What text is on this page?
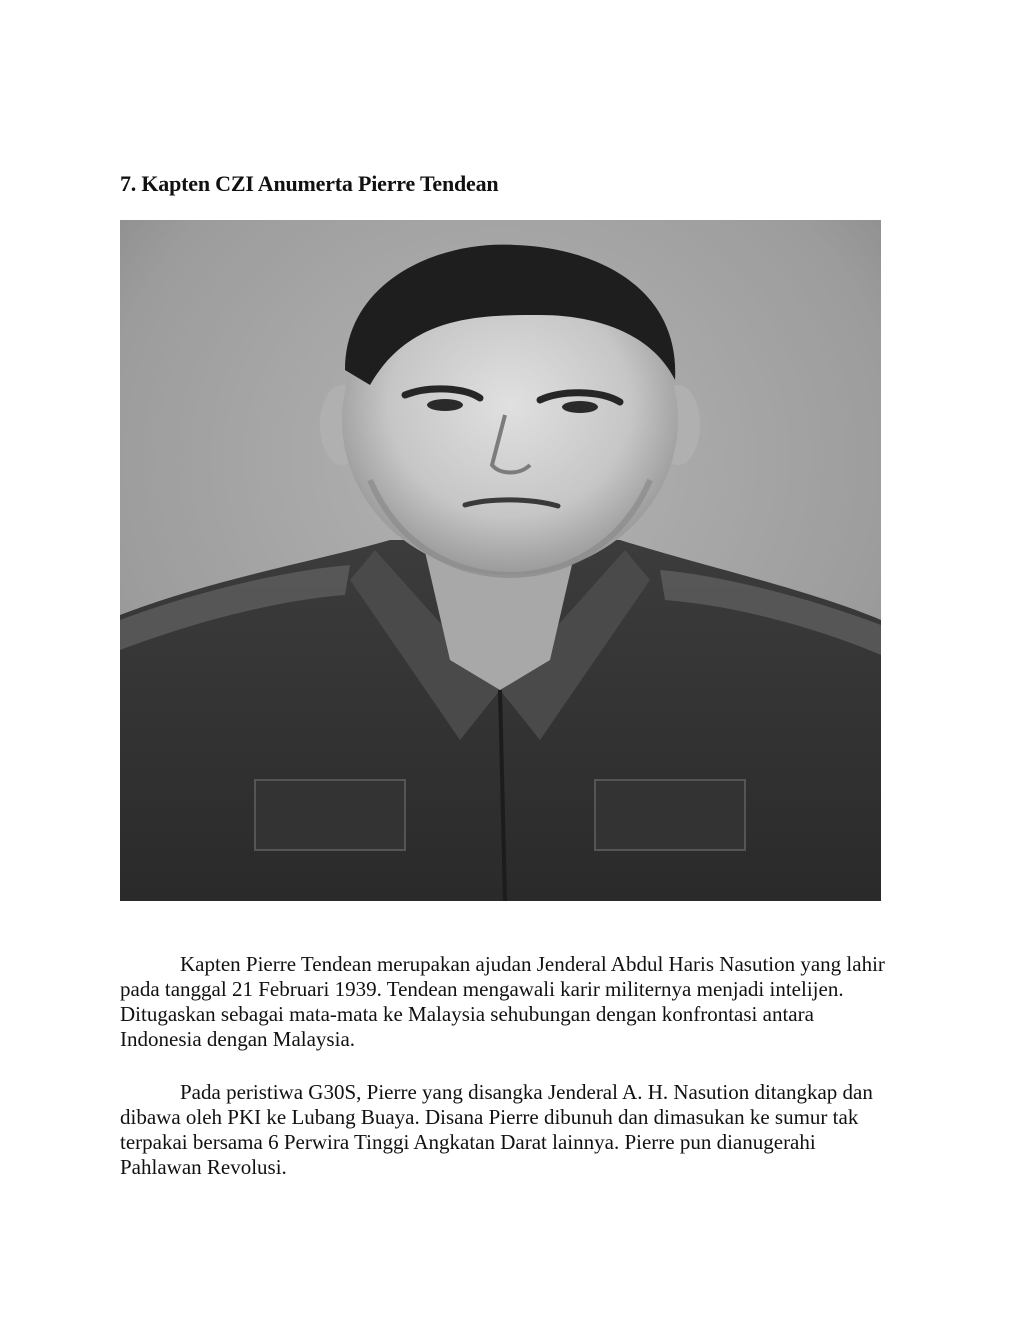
7. Kapten CZI Anumerta Pierre Tendean

Kapten Pierre Tendean merupakan ajudan Jenderal Abdul Haris Nasution yang lahir pada tanggal 21 Februari 1939. Tendean mengawali karir militernya menjadi intelijen. Ditugaskan sebagai mata-mata ke Malaysia sehubungan dengan konfrontasi antara Indonesia dengan Malaysia.

Pada peristiwa G30S, Pierre yang disangka Jenderal A. H. Nasution ditangkap dan dibawa oleh PKI ke Lubang Buaya. Disana Pierre dibunuh dan dimasukan ke sumur tak terpakai bersama 6 Perwira Tinggi Angkatan Darat lainnya. Pierre pun dianugerahi Pahlawan Revolusi.
